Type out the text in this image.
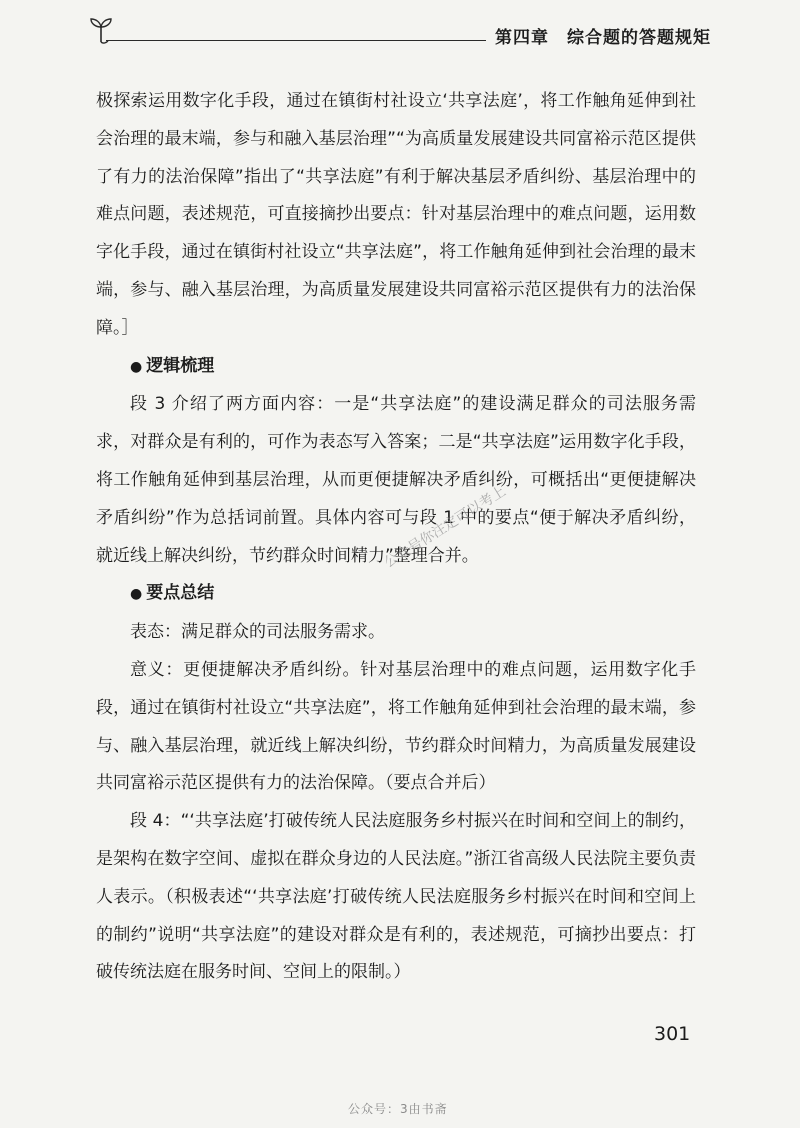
第四章　综合题的答题规矩

极探索运用数字化手段，通过在镇街村社设立‘共享法庭’，将工作触角延伸到社会治理的最末端，参与和融入基层治理”“为高质量发展建设共同富裕示范区提供了有力的法治保障”指出了“共享法庭”有利于解决基层矛盾纠纷、基层治理中的难点问题，表述规范，可直接摘抄出要点：针对基层治理中的难点问题，运用数字化手段，通过在镇街村社设立“共享法庭”，将工作触角延伸到社会治理的最末端，参与、融入基层治理，为高质量发展建设共同富裕示范区提供有力的法治保障。］

● 逻辑梳理

段 3 介绍了两方面内容：一是“共享法庭”的建设满足群众的司法服务需求，对群众是有利的，可作为表态写入答案；二是“共享法庭”运用数字化手段，将工作触角延伸到基层治理，从而更便捷解决矛盾纠纷，可概括出“更便捷解决矛盾纠纷”作为总括词前置。具体内容可与段 1 中的要点“便于解决矛盾纠纷，就近线上解决纠纷，节约群众时间精力”整理合并。

● 要点总结

表态：满足群众的司法服务需求。

意义：更便捷解决矛盾纠纷。针对基层治理中的难点问题，运用数字化手段，通过在镇街村社设立“共享法庭”，将工作触角延伸到社会治理的最末端，参与、融入基层治理，就近线上解决纠纷，节约群众时间精力，为高质量发展建设共同富裕示范区提供有力的法治保障。（要点合并后）

段 4：“‘共享法庭’打破传统人民法庭服务乡村振兴在时间和空间上的制约，是架构在数字空间、虚拟在群众身边的人民法庭。”浙江省高级人民法院主要负责人表示。（积极表述“‘共享法庭’打破传统人民法庭服务乡村振兴在时间和空间上的制约”说明“共享法庭”的建设对群众是有利的，表述规范，可摘抄出要点：打破传统法庭在服务时间、空间上的限制。）

公众号你注定可以考上
301
公众号：3由书斋
